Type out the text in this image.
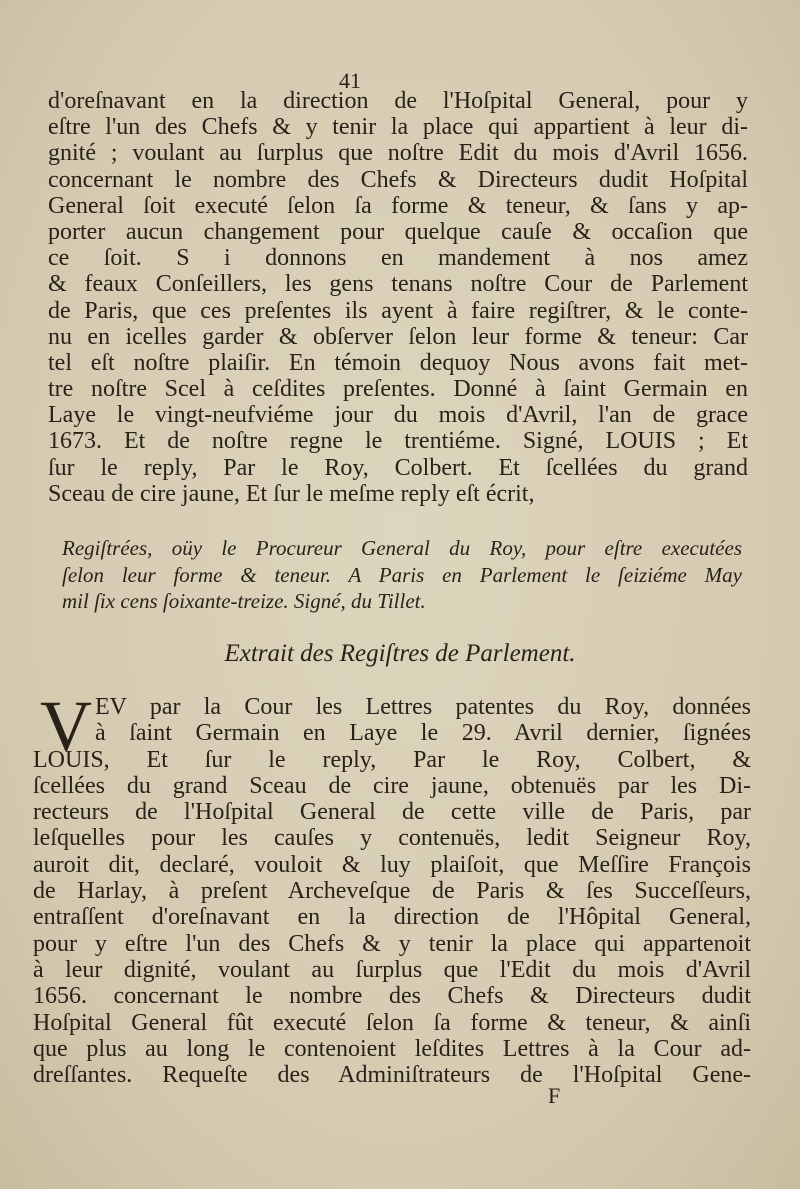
41
d'oreſnavant en la direction de l'Hoſpital General, pour y
eſtre l'un des Chefs & y tenir la place qui appartient à leur di-
gnité ; voulant au ſurplus que noſtre Edit du mois d'Avril 1656.
concernant le nombre des Chefs & Directeurs dudit Hoſpital
General ſoit executé ſelon ſa forme & teneur, & ſans y ap-
porter aucun changement pour quelque cauſe & occaſion que
ce ſoit. S i donnons en mandement à nos amez
& feaux Conſeillers, les gens tenans noſtre Cour de Parlement
de Paris, que ces preſentes ils ayent à faire regiſtrer, & le conte-
nu en icelles garder & obſerver ſelon leur forme & teneur: Car
tel eſt noſtre plaiſir. En témoin dequoy Nous avons fait met-
tre noſtre Scel à ceſdites preſentes. Donné à ſaint Germain en
Laye le vingt-neufviéme jour du mois d'Avril, l'an de grace
1673. Et de noſtre regne le trentiéme. Signé, LOUIS ; Et
ſur le reply, Par le Roy, Colbert. Et ſcellées du grand
Sceau de cire jaune, Et ſur le meſme reply eſt écrit,
Regiſtrées, oüy le Procureur General du Roy, pour eſtre executées
ſelon leur forme & teneur. A Paris en Parlement le ſeiziéme May
mil ſix cens ſoixante-treize. Signé, du Tillet.
Extrait des Regiſtres de Parlement.
V EV par la Cour les Lettres patentes du Roy, données
à ſaint Germain en Laye le 29. Avril dernier, ſignées
LOUIS, Et ſur le reply, Par le Roy, Colbert, &
ſcellées du grand Sceau de cire jaune, obtenuës par les Di-
recteurs de l'Hoſpital General de cette ville de Paris, par
leſquelles pour les cauſes y contenuës, ledit Seigneur Roy,
auroit dit, declaré, vouloit & luy plaiſoit, que Meſſire François
de Harlay, à preſent Archeveſque de Paris & ſes Succeſſeurs,
entraſſent d'oreſnavant en la direction de l'Hôpital General,
pour y eſtre l'un des Chefs & y tenir la place qui appartenoit
à leur dignité, voulant au ſurplus que l'Edit du mois d'Avril
1656. concernant le nombre des Chefs & Directeurs dudit
Hoſpital General fût executé ſelon ſa forme & teneur, & ainſi
que plus au long le contenoient leſdites Lettres à la Cour ad-
dreſſantes. Requeſte des Adminiſtrateurs de l'Hoſpital Gene-
F
